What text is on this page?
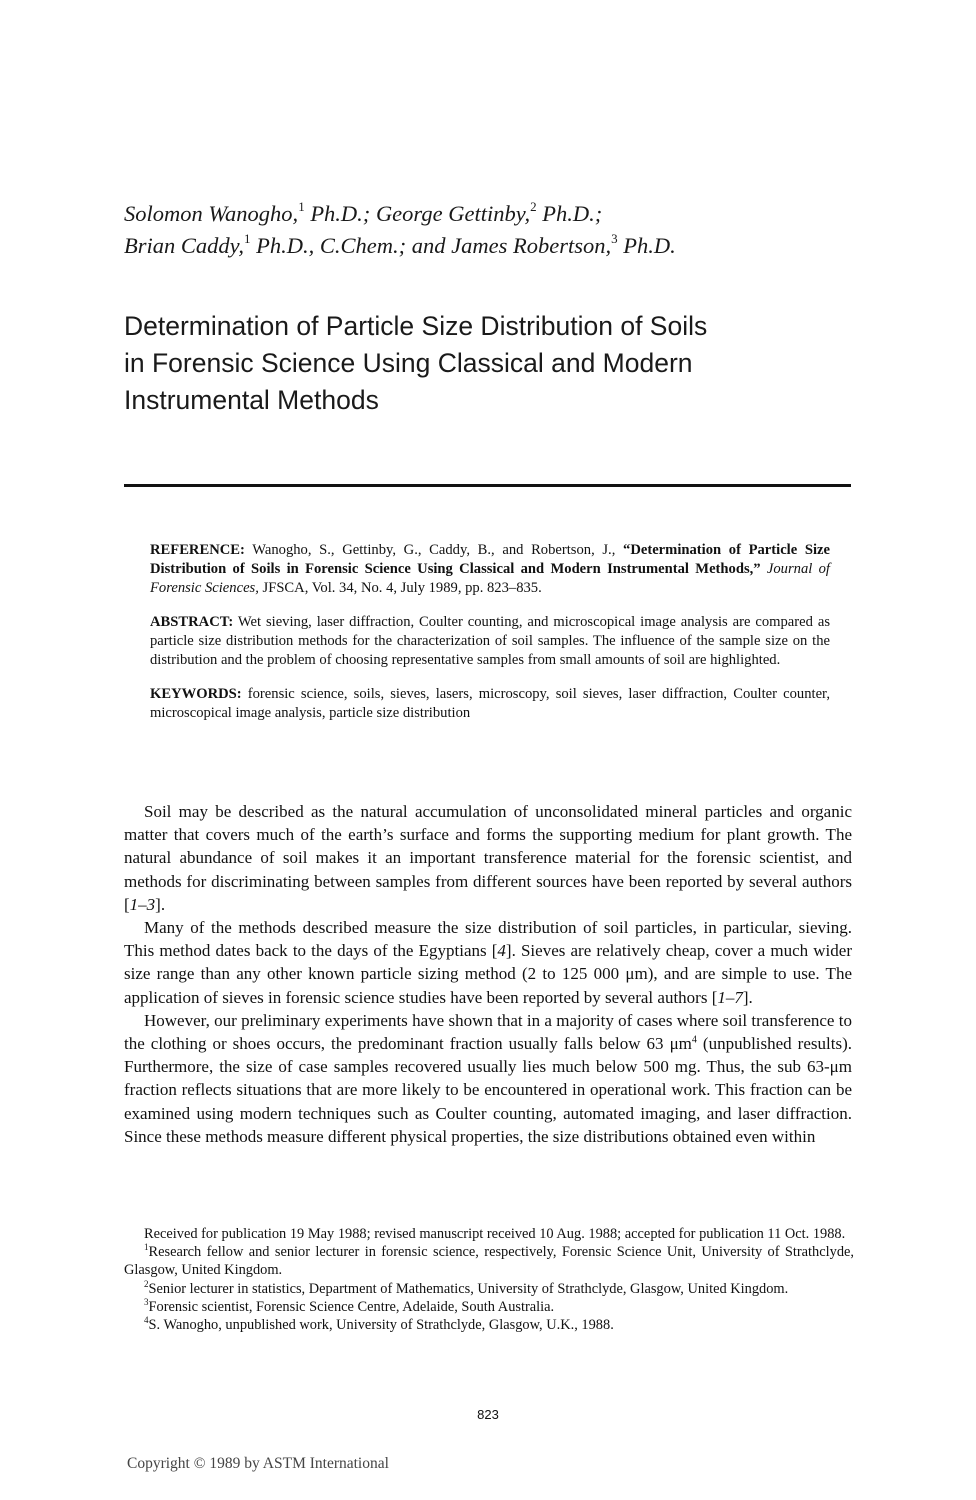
Solomon Wanogho,$^1$ Ph.D.; George Gettinby,$^2$ Ph.D.;
Brian Caddy,$^1$ Ph.D., C.Chem.; and James Robertson,$^3$ Ph.D.
Determination of Particle Size Distribution of Soils
in Forensic Science Using Classical and Modern
Instrumental Methods

REFERENCE: Wanogho, S., Gettinby, G., Caddy, B., and Robertson, J., “Determination of Particle Size Distribution of Soils in Forensic Science Using Classical and Modern Instrumental Methods,” Journal of Forensic Sciences, JFSCA, Vol. 34, No. 4, July 1989, pp. 823–835.

ABSTRACT: Wet sieving, laser diffraction, Coulter counting, and microscopical image analysis are compared as particle size distribution methods for the characterization of soil samples. The influence of the sample size on the distribution and the problem of choosing representative samples from small amounts of soil are highlighted.

KEYWORDS: forensic science, soils, sieves, lasers, microscopy, soil sieves, laser diffraction, Coulter counter, microscopical image analysis, particle size distribution

Soil may be described as the natural accumulation of unconsolidated mineral particles and organic matter that covers much of the earth’s surface and forms the supporting medium for plant growth. The natural abundance of soil makes it an important transference material for the forensic scientist, and methods for discriminating between samples from different sources have been reported by several authors [1–3].

Many of the methods described measure the size distribution of soil particles, in particular, sieving. This method dates back to the days of the Egyptians [4]. Sieves are relatively cheap, cover a much wider size range than any other known particle sizing method (2 to 125 000 μm), and are simple to use. The application of sieves in forensic science studies have been reported by several authors [1–7].

However, our preliminary experiments have shown that in a majority of cases where soil transference to the clothing or shoes occurs, the predominant fraction usually falls below 63 $\mu m^4$ (unpublished results). Furthermore, the size of case samples recovered usually lies much below 500 mg. Thus, the sub 63-μm fraction reflects situations that are more likely to be encountered in operational work. This fraction can be examined using modern techniques such as Coulter counting, automated imaging, and laser diffraction. Since these methods measure different physical properties, the size distributions obtained even within

Received for publication 19 May 1988; revised manuscript received 10 Aug. 1988; accepted for publication 11 Oct. 1988.

$^1$Research fellow and senior lecturer in forensic science, respectively, Forensic Science Unit, University of Strathclyde, Glasgow, United Kingdom.

$^2$Senior lecturer in statistics, Department of Mathematics, University of Strathclyde, Glasgow, United Kingdom.

$^3$Forensic scientist, Forensic Science Centre, Adelaide, South Australia.

$^4$S. Wanogho, unpublished work, University of Strathclyde, Glasgow, U.K., 1988.

823
Copyright © 1989 by ASTM International
